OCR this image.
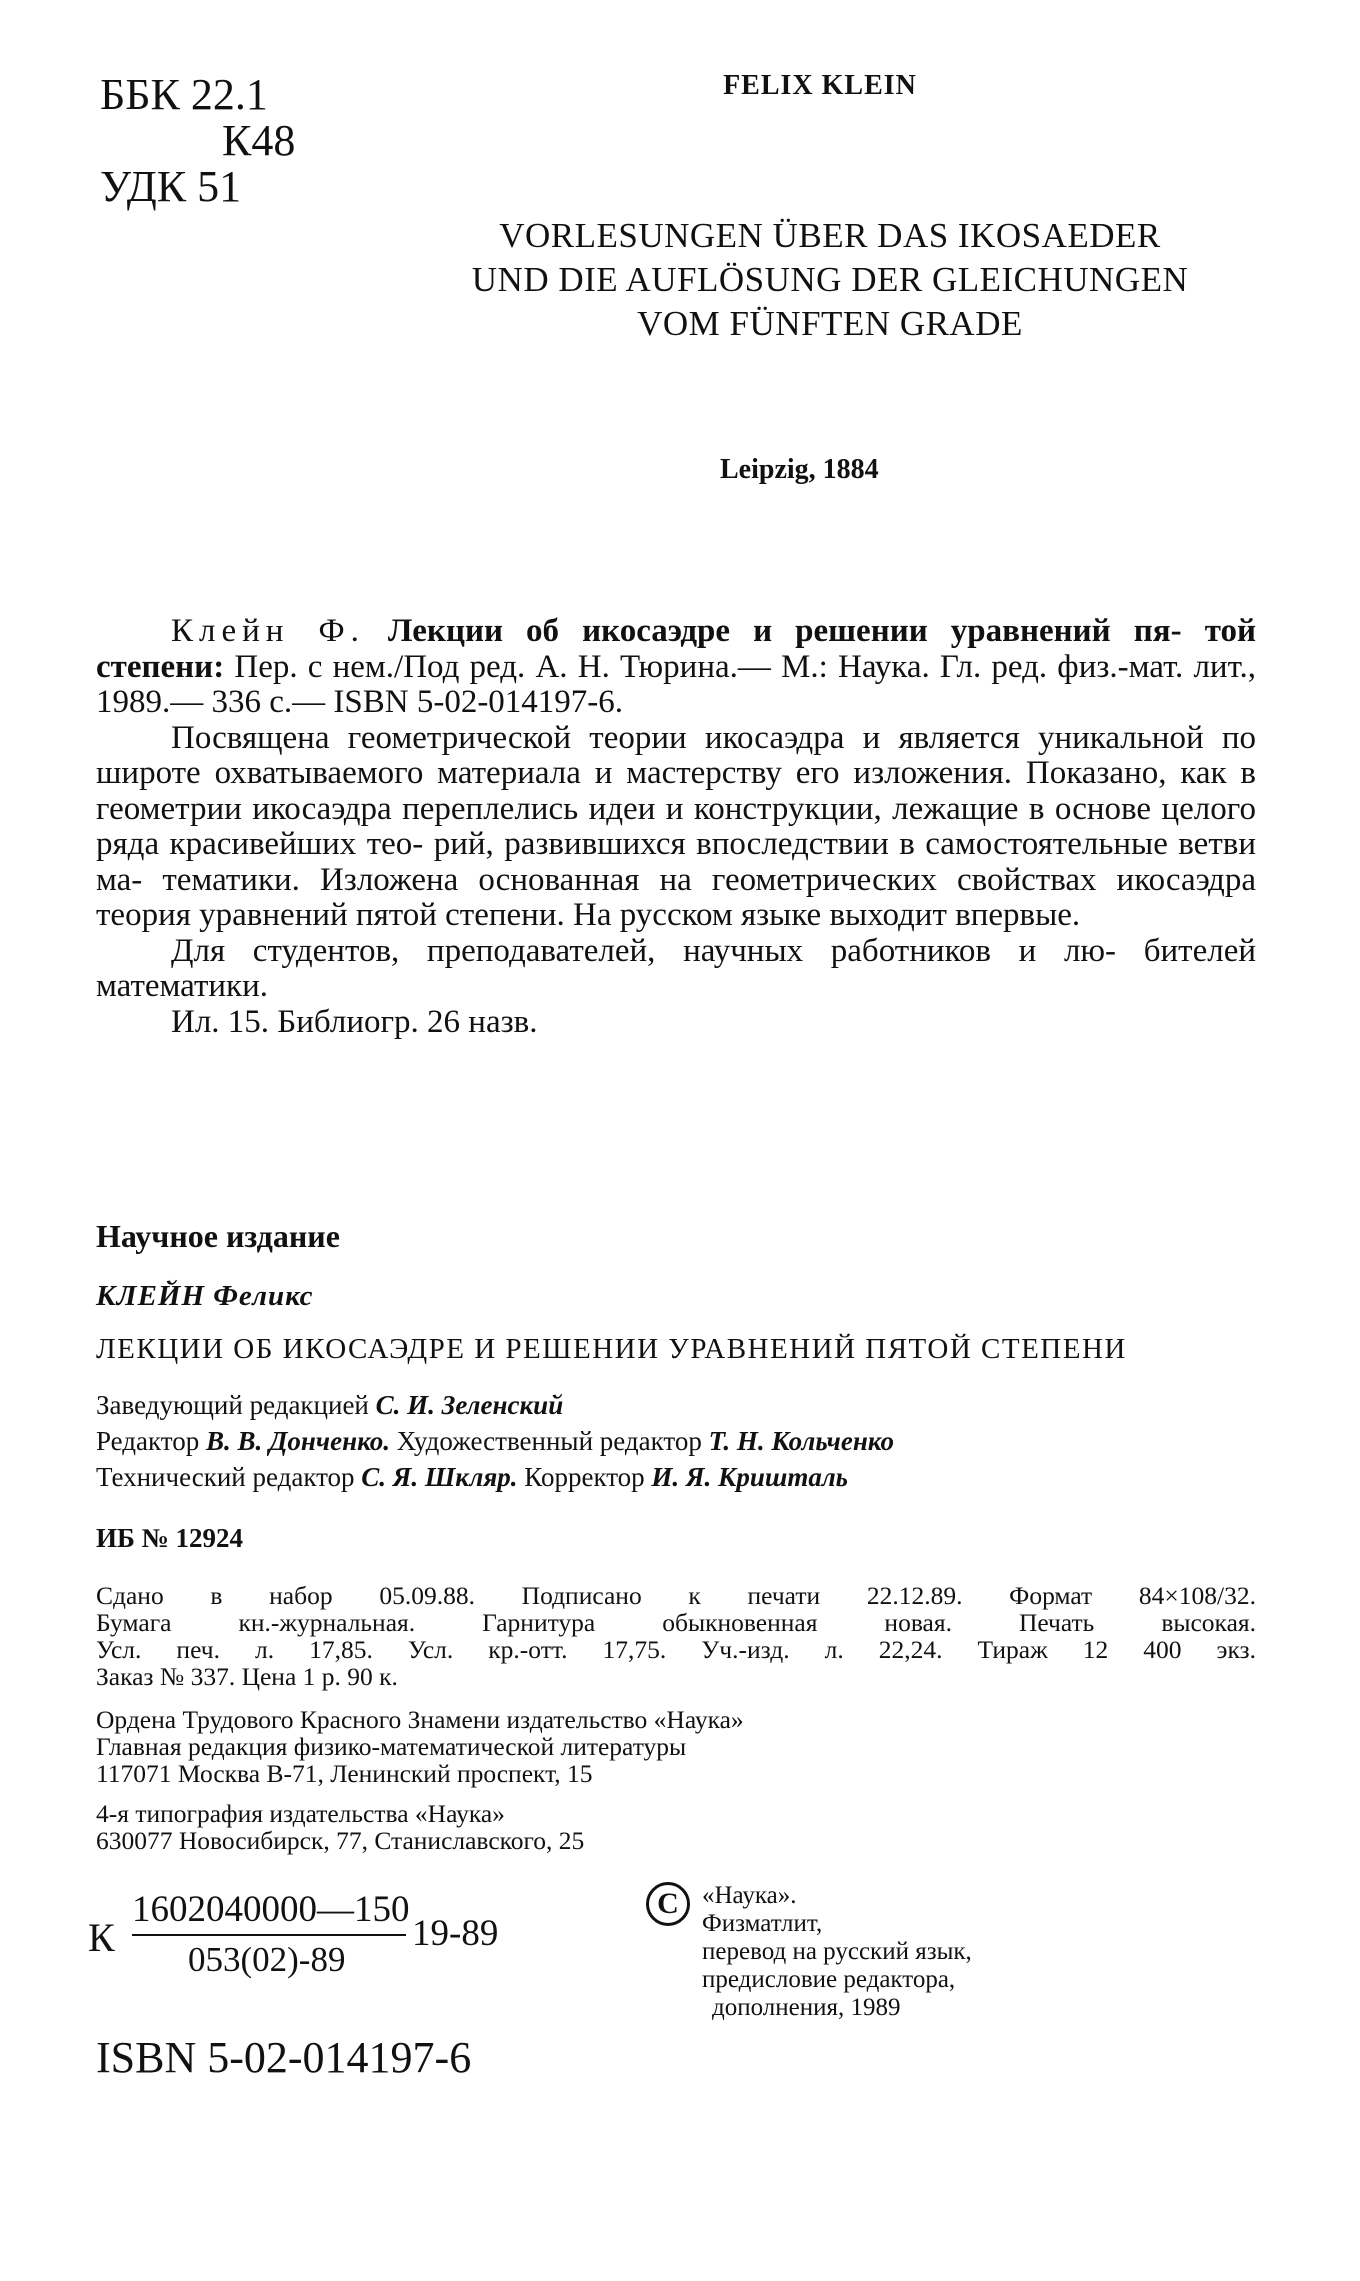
ББК 22.1
К48
УДК 51
FELIX KLEIN
VORLESUNGEN ÜBER DAS IKOSAEDER
UND DIE AUFLÖSUNG DER GLEICHUNGEN
VOM FÜNFTEN GRADE
Leipzig, 1884

Клейн Ф. Лекции об икосаэдре и решении уравнений пя- той степени: Пер. с нем./Под ред. А. Н. Тюрина.— М.: Наука. Гл. ред. физ.-мат. лит., 1989.— 336 с.— ISBN 5-02-014197-6.

Посвящена геометрической теории икосаэдра и является уникальной по широте охватываемого материала и мастерству его изложения. Показано, как в геометрии икосаэдра переплелись идеи и конструкции, лежащие в основе целого ряда красивейших тео- рий, развившихся впоследствии в самостоятельные ветви ма- тематики. Изложена основанная на геометрических свойствах икосаэдра теория уравнений пятой степени. На русском языке выходит впервые.

Для студентов, преподавателей, научных работников и лю- бителей математики.

Ил. 15. Библиогр. 26 назв.

Научное издание
КЛЕЙН Феликс
ЛЕКЦИИ ОБ ИКОСАЭДРЕ И РЕШЕНИИ УРАВНЕНИЙ ПЯТОЙ СТЕПЕНИ
Заведующий редакцией С. И. Зеленский
Редактор В. В. Донченко. Художественный редактор Т. Н. Кольченко
Технический редактор С. Я. Шкляр. Корректор И. Я. Кришталь
ИБ № 12924

Сдано в набор 05.09.88. Подписано к печати 22.12.89. Формат 84×108/32.

Бумага кн.-журнальная. Гарнитура обыкновенная новая. Печать высокая.

Усл. печ. л. 17,85. Усл. кр.-отт. 17,75. Уч.-изд. л. 22,24. Тираж 12 400 экз.

Заказ № 337. Цена 1 р. 90 к.

Ордена Трудового Красного Знамени издательство «Наука»
Главная редакция физико-математической литературы
117071 Москва В-71, Ленинский проспект, 15
4-я типография издательства «Наука»
630077 Новосибирск, 77, Станиславского, 25
К
1602040000—150
053(02)-89
19-89
C «Наука».
Физматлит,
перевод на русский язык,
предисловие редактора,
дополнения, 1989
ISBN 5-02-014197-6
